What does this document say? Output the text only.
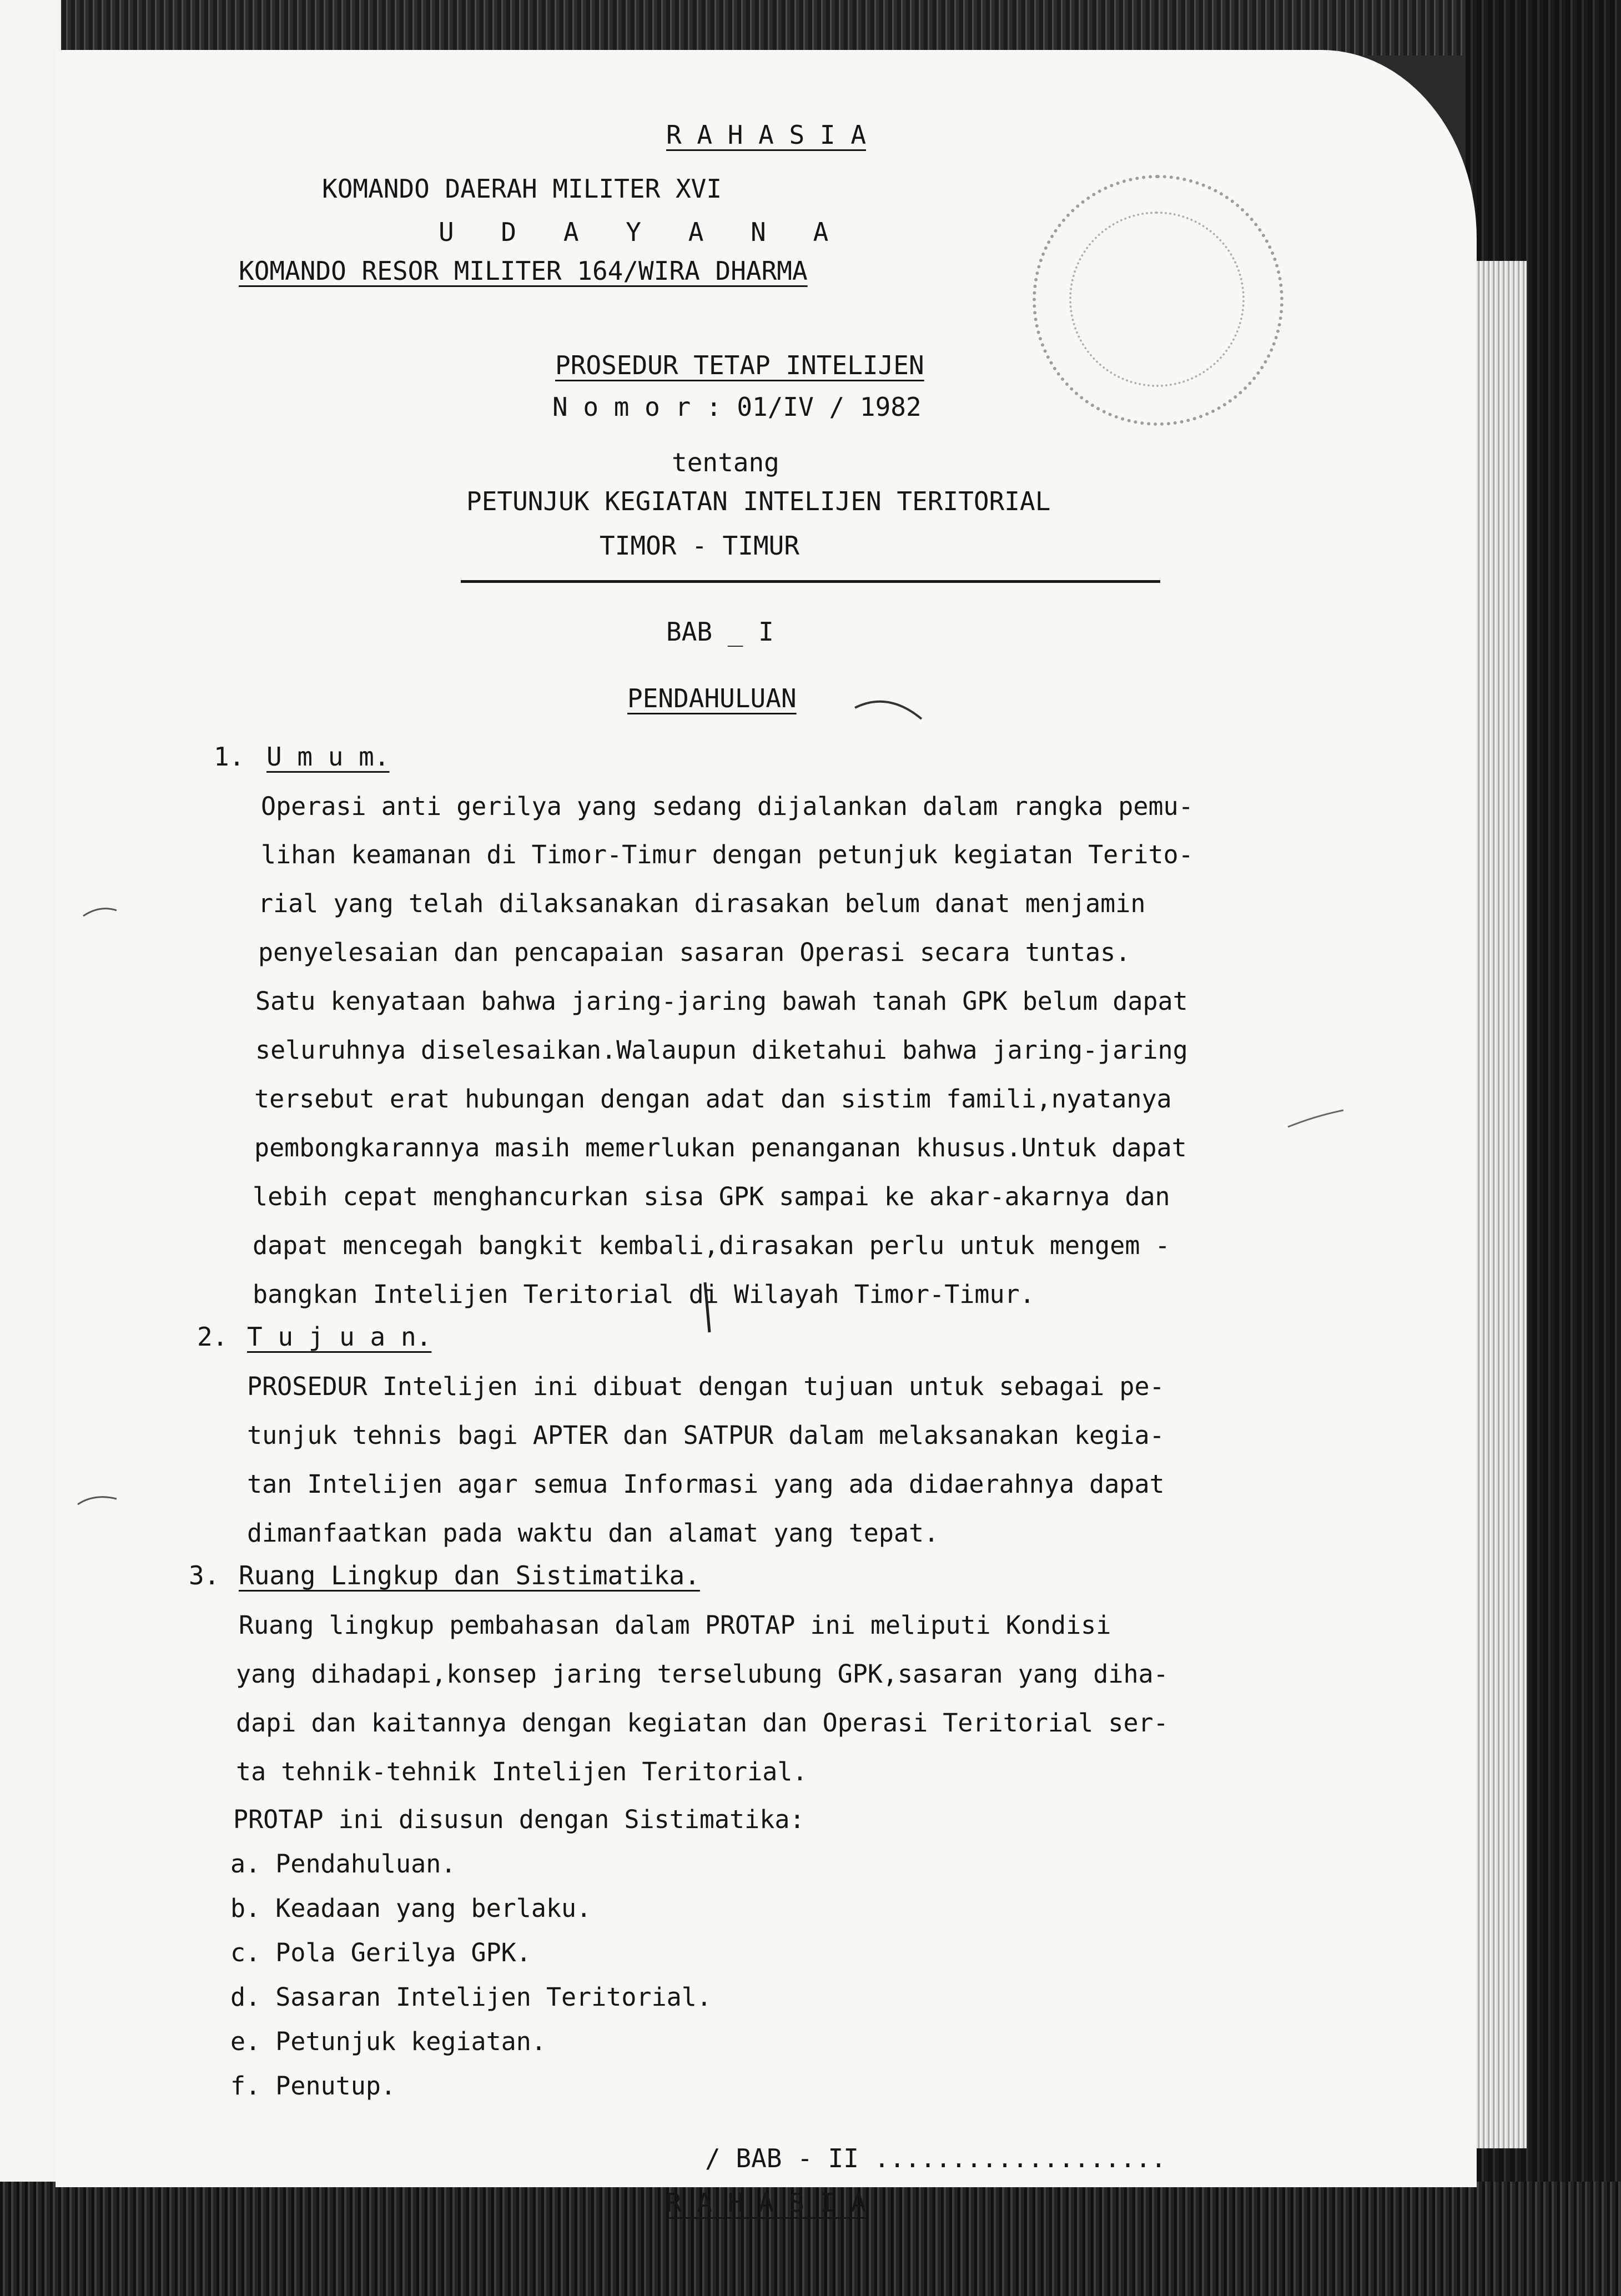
R A H A S I A
KOMANDO DAERAH MILITER XVI
U D A Y A N A
KOMANDO RESOR MILITER 164/WIRA DHARMA
PROSEDUR TETAP INTELIJEN
N o m o r : 01/IV / 1982
tentang
PETUNJUK KEGIATAN INTELIJEN TERITORIAL
TIMOR - TIMUR
BAB _ I
PENDAHULUAN
1. U m u m.
Operasi anti gerilya yang sedang dijalankan dalam rangka pemu-
lihan keamanan di Timor-Timur dengan petunjuk kegiatan Terito-
rial yang telah dilaksanakan dirasakan belum danat menjamin
penyelesaian dan pencapaian sasaran Operasi secara tuntas.
Satu kenyataan bahwa jaring-jaring bawah tanah GPK belum dapat
seluruhnya diselesaikan.Walaupun diketahui bahwa jaring-jaring
tersebut erat hubungan dengan adat dan sistim famili,nyatanya
pembongkarannya masih memerlukan penanganan khusus.Untuk dapat
lebih cepat menghancurkan sisa GPK sampai ke akar-akarnya dan
dapat mencegah bangkit kembali,dirasakan perlu untuk mengem -
bangkan Intelijen Teritorial di Wilayah Timor-Timur.
2. T u j u a n.
PROSEDUR Intelijen ini dibuat dengan tujuan untuk sebagai pe-
tunjuk tehnis bagi APTER dan SATPUR dalam melaksanakan kegia-
tan Intelijen agar semua Informasi yang ada didaerahnya dapat
dimanfaatkan pada waktu dan alamat yang tepat.
3. Ruang Lingkup dan Sistimatika.
Ruang lingkup pembahasan dalam PROTAP ini meliputi Kondisi
yang dihadapi,konsep jaring terselubung GPK,sasaran yang diha-
dapi dan kaitannya dengan kegiatan dan Operasi Teritorial ser-
ta tehnik-tehnik Intelijen Teritorial.
PROTAP ini disusun dengan Sistimatika:
a. Pendahuluan.
b. Keadaan yang berlaku.
c. Pola Gerilya GPK.
d. Sasaran Intelijen Teritorial.
e. Petunjuk kegiatan.
f. Penutup.
/ BAB - II ...................
R A H A S I A
